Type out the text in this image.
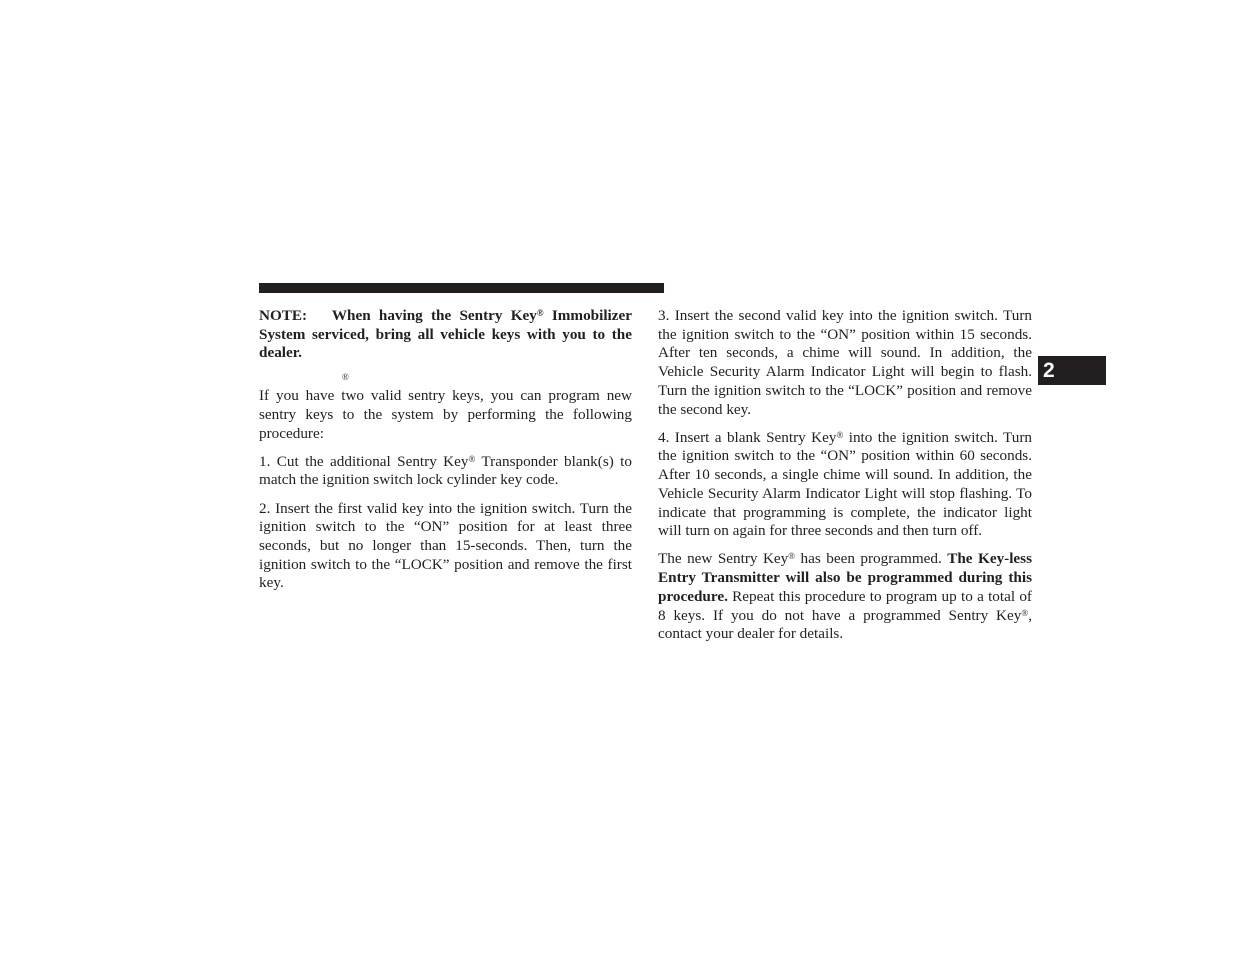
NOTE: When having the Sentry Key® Immobilizer System serviced, bring all vehicle keys with you to the dealer.

®

If you have two valid sentry keys, you can program new sentry keys to the system by performing the following procedure:

1. Cut the additional Sentry Key® Transponder blank(s) to match the ignition switch lock cylinder key code.

2. Insert the first valid key into the ignition switch. Turn the ignition switch to the “ON” position for at least three seconds, but no longer than 15-seconds. Then, turn the ignition switch to the “LOCK” position and remove the first key.

3. Insert the second valid key into the ignition switch. Turn the ignition switch to the “ON” position within 15 seconds. After ten seconds, a chime will sound. In addition, the Vehicle Security Alarm Indicator Light will begin to flash. Turn the ignition switch to the “LOCK” position and remove the second key.

4. Insert a blank Sentry Key® into the ignition switch. Turn the ignition switch to the “ON” position within 60 seconds. After 10 seconds, a single chime will sound. In addition, the Vehicle Security Alarm Indicator Light will stop flashing. To indicate that programming is complete, the indicator light will turn on again for three seconds and then turn off.

The new Sentry Key® has been programmed. The Key-less Entry Transmitter will also be programmed during this procedure. Repeat this procedure to program up to a total of 8 keys. If you do not have a programmed Sentry Key®, contact your dealer for details.

2
